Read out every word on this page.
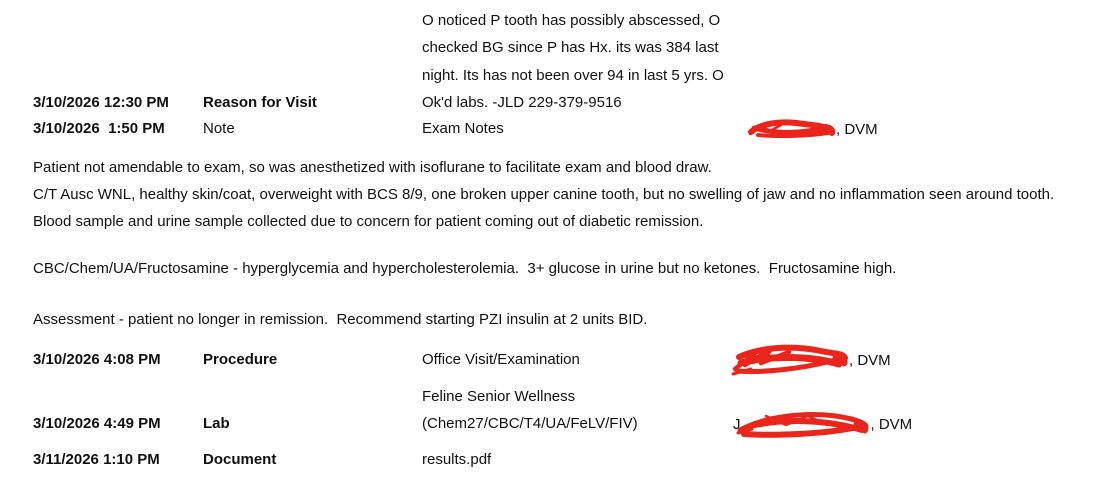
O noticed P tooth has possibly abscessed, O
checked BG since P has Hx. its was 384 last
night. Its has not been over 94 in last 5 yrs. O
3/10/2026 12:30 PM Reason for Visit	Ok'd labs. -JLD 229-379-9516
3/10/2026  1:50 PM	Note	Exam Notes	, DVM
Patient not amendable to exam, so was anesthetized with isoflurane to facilitate exam and blood draw.
C/T Ausc WNL, healthy skin/coat, overweight with BCS 8/9, one broken upper canine tooth, but no swelling of jaw and no inflammation seen around tooth.
Blood sample and urine sample collected due to concern for patient coming out of diabetic remission.
CBC/Chem/UA/Fructosamine - hyperglycemia and hypercholesterolemia.  3+ glucose in urine but no ketones.  Fructosamine high.
Assessment - patient no longer in remission.  Recommend starting PZI insulin at 2 units BID.
3/10/2026 4:08 PM	Procedure	Office Visit/Examination	, DVM
Feline Senior Wellness
3/10/2026 4:49 PM	Lab	(Chem27/CBC/T4/UA/FeLV/FIV)	J	, DVM
3/11/2026 1:10 PM	Document	results.pdf
